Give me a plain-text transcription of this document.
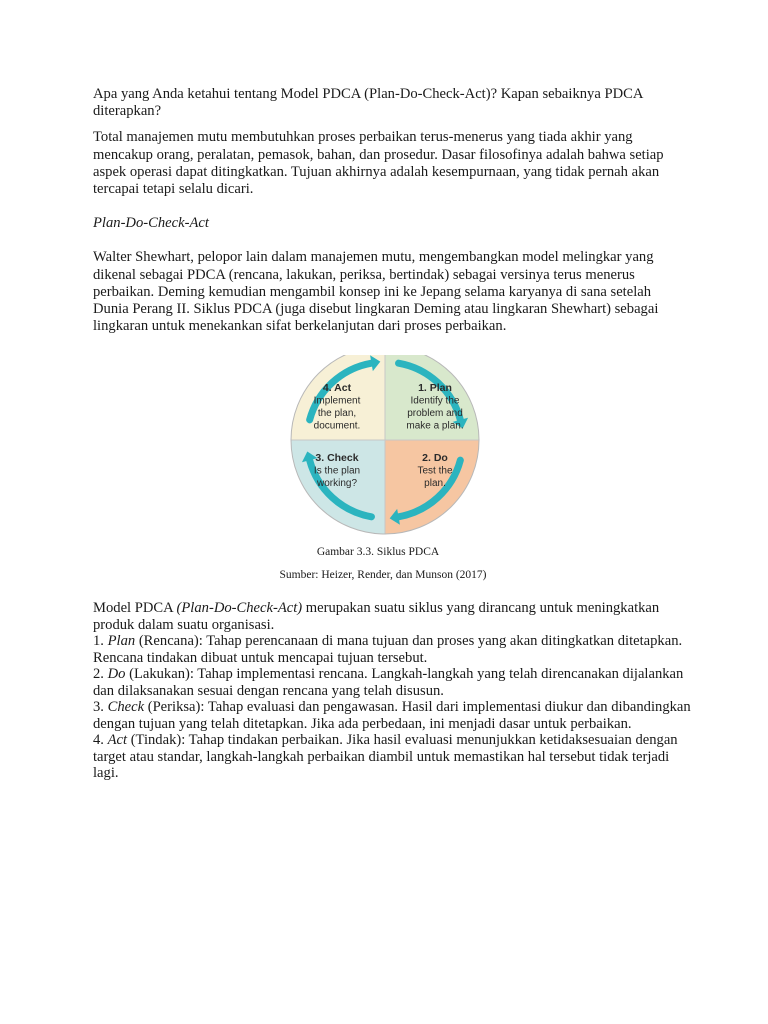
Apa yang Anda ketahui tentang Model PDCA (Plan-Do-Check-Act)? Kapan sebaiknya PDCA diterapkan?

Total manajemen mutu membutuhkan proses perbaikan terus-menerus yang tiada akhir yang mencakup orang, peralatan, pemasok, bahan, dan prosedur. Dasar filosofinya adalah bahwa setiap aspek operasi dapat ditingkatkan. Tujuan akhirnya adalah kesempurnaan, yang tidak pernah akan tercapai tetapi selalu dicari.

Plan-Do-Check-Act

Walter Shewhart, pelopor lain dalam manajemen mutu, mengembangkan model melingkar yang dikenal sebagai PDCA (rencana, lakukan, periksa, bertindak) sebagai versinya terus menerus perbaikan. Deming kemudian mengambil konsep ini ke Jepang selama karyanya di sana setelah Dunia Perang II. Siklus PDCA (juga disebut lingkaran Deming atau lingkaran Shewhart) sebagai lingkaran untuk menekankan sifat berkelanjutan dari proses perbaikan.

1. Plan
Identify the
problem and
make a plan.
2. Do
Test the
plan.
3. Check
Is the plan
working?
4. Act
Implement
the plan,
document.
Gambar 3.3. Siklus PDCA
Sumber: Heizer, Render, dan Munson (2017)

Model PDCA (Plan-Do-Check-Act) merupakan suatu siklus yang dirancang untuk meningkatkan produk dalam suatu organisasi.

1. Plan (Rencana): Tahap perencanaan di mana tujuan dan proses yang akan ditingkatkan ditetapkan. Rencana tindakan dibuat untuk mencapai tujuan tersebut.

2. Do (Lakukan): Tahap implementasi rencana. Langkah-langkah yang telah direncanakan dijalankan dan dilaksanakan sesuai dengan rencana yang telah disusun.

3. Check (Periksa): Tahap evaluasi dan pengawasan. Hasil dari implementasi diukur dan dibandingkan dengan tujuan yang telah ditetapkan. Jika ada perbedaan, ini menjadi dasar untuk perbaikan.

4. Act (Tindak): Tahap tindakan perbaikan. Jika hasil evaluasi menunjukkan ketidaksesuaian dengan target atau standar, langkah-langkah perbaikan diambil untuk memastikan hal tersebut tidak terjadi lagi.
